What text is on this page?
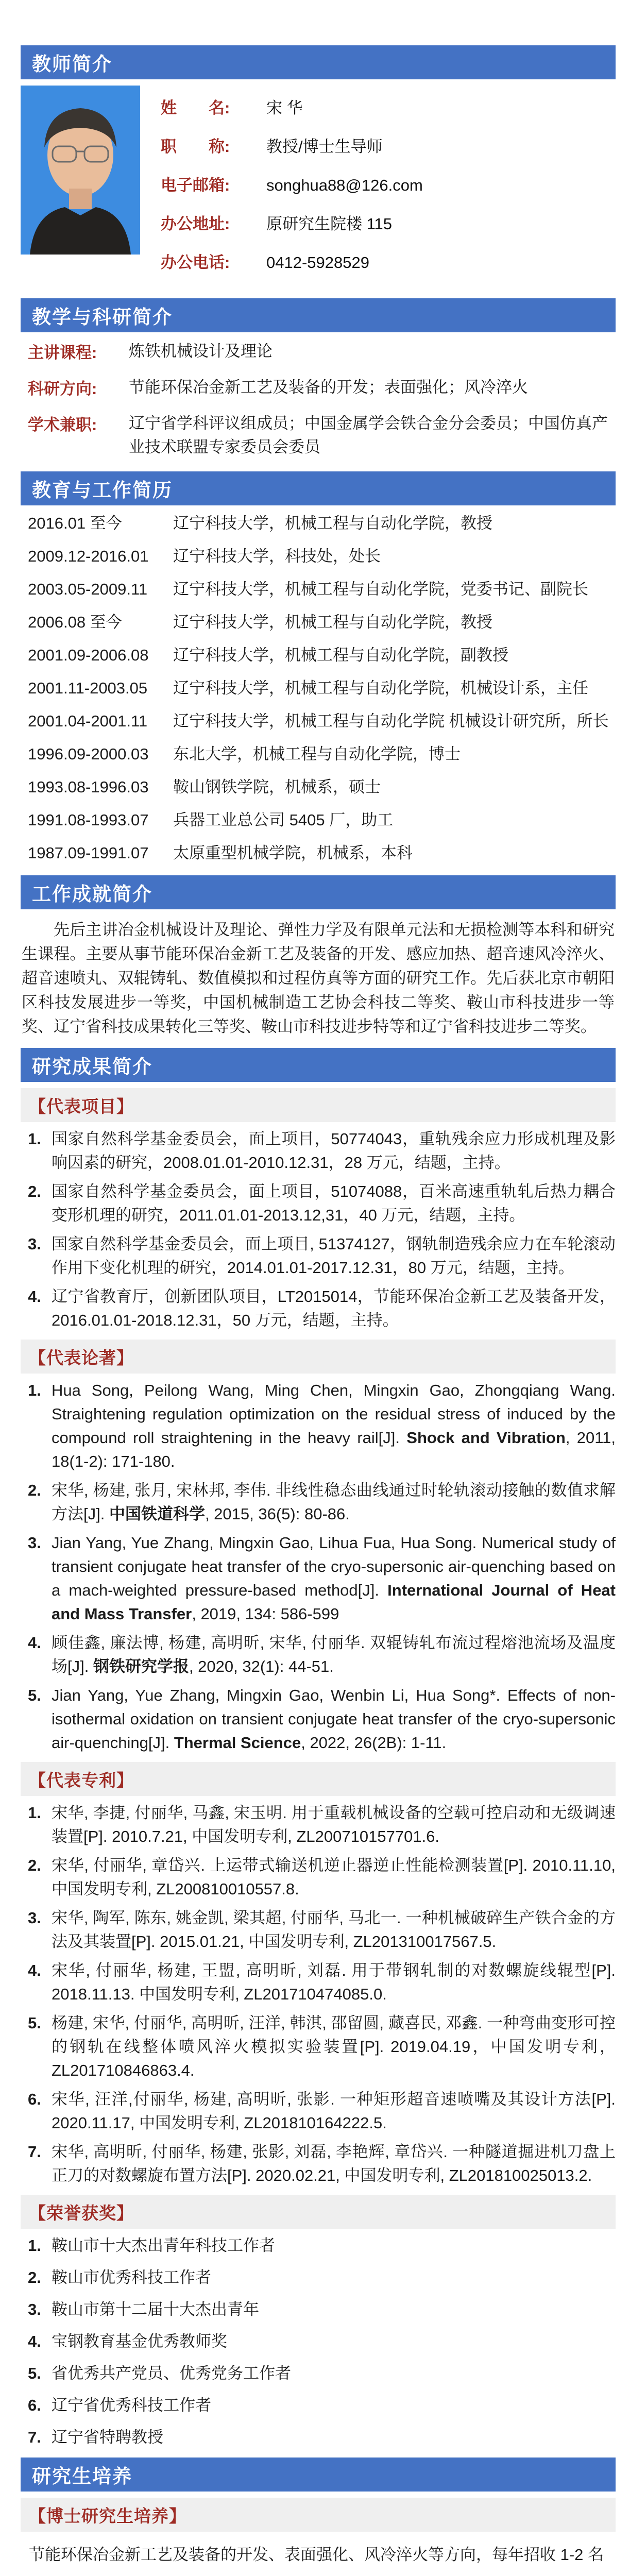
教师简介
姓　　名:	宋 华
职　　称:	教授/博士生导师
电子邮箱:	songhua88@126.com
办公地址:	原研究生院楼 115
办公电话:	0412-5928529
教学与科研简介
主讲课程:	炼铁机械设计及理论
科研方向:	节能环保冶金新工艺及装备的开发；表面强化；风冷淬火
学术兼职:	辽宁省学科评议组成员；中国金属学会铁合金分会委员；中国仿真产业技术联盟专家委员会委员
教育与工作简历
2016.01 至今	辽宁科技大学，机械工程与自动化学院，教授
2009.12-2016.01	辽宁科技大学，科技处，处长
2003.05-2009.11	辽宁科技大学，机械工程与自动化学院，党委书记、副院长
2006.08 至今	辽宁科技大学，机械工程与自动化学院，教授
2001.09-2006.08	辽宁科技大学，机械工程与自动化学院，副教授
2001.11-2003.05	辽宁科技大学，机械工程与自动化学院，机械设计系，主任
2001.04-2001.11	辽宁科技大学，机械工程与自动化学院 机械设计研究所，所长
1996.09-2000.03	东北大学，机械工程与自动化学院，博士
1993.08-1996.03	鞍山钢铁学院，机械系，硕士
1991.08-1993.07	兵器工业总公司 5405 厂，助工
1987.09-1991.07	太原重型机械学院，机械系，本科
工作成就简介

先后主讲冶金机械设计及理论、弹性力学及有限单元法和无损检测等本科和研究生课程。主要从事节能环保冶金新工艺及装备的开发、感应加热、超音速风冷淬火、超音速喷丸、双辊铸轧、数值模拟和过程仿真等方面的研究工作。先后获北京市朝阳区科技发展进步一等奖，中国机械制造工艺协会科技二等奖、鞍山市科技进步一等奖、辽宁省科技成果转化三等奖、鞍山市科技进步特等和辽宁省科技进步二等奖。

研究成果简介
【代表项目】
1. 国家自然科学基金委员会，面上项目，50774043，重轨残余应力形成机理及影响因素的研究，2008.01.01-2010.12.31，28 万元，结题，主持。
2. 国家自然科学基金委员会，面上项目，51074088，百米高速重轨轧后热力耦合变形机理的研究，2011.01.01-2013.12,31，40 万元，结题，主持。
3. 国家自然科学基金委员会，面上项目, 51374127，钢轨制造残余应力在车轮滚动作用下变化机理的研究，2014.01.01-2017.12.31，80 万元，结题，主持。
4. 辽宁省教育厅，创新团队项目，LT2015014，节能环保冶金新工艺及装备开发，2016.01.01-2018.12.31，50 万元，结题，主持。
【代表论著】
1. Hua Song, Peilong Wang, Ming Chen, Mingxin Gao, Zhongqiang Wang. Straightening regulation optimization on the residual stress of induced by the compound roll straightening in the heavy rail[J]. Shock and Vibration, 2011, 18(1-2): 171-180.
2. 宋华, 杨建, 张月, 宋林邦, 李伟. 非线性稳态曲线通过时轮轨滚动接触的数值求解方法[J]. 中国铁道科学, 2015, 36(5): 80-86.
3. Jian Yang, Yue Zhang, Mingxin Gao, Lihua Fua, Hua Song. Numerical study of transient conjugate heat transfer of the cryo-supersonic air-quenching based on a mach-weighted pressure-based method[J]. International Journal of Heat and Mass Transfer, 2019, 134: 586-599
4. 顾佳鑫, 廉法博, 杨建, 高明昕, 宋华, 付丽华. 双辊铸轧布流过程熔池流场及温度场[J]. 钢铁研究学报, 2020, 32(1): 44-51.
5. Jian Yang, Yue Zhang, Mingxin Gao, Wenbin Li, Hua Song*. Effects of non-isothermal oxidation on transient conjugate heat transfer of the cryo-supersonic air-quenching[J]. Thermal Science, 2022, 26(2B): 1-11.
【代表专利】
1. 宋华, 李捷, 付丽华, 马鑫, 宋玉明. 用于重载机械设备的空载可控启动和无级调速装置[P]. 2010.7.21, 中国发明专利, ZL200710157701.6.
2. 宋华, 付丽华, 章岱兴. 上运带式输送机逆止器逆止性能检测装置[P]. 2010.11.10, 中国发明专利, ZL200810010557.8.
3. 宋华, 陶军, 陈东, 姚金凯, 梁其超, 付丽华, 马北一. 一种机械破碎生产铁合金的方法及其装置[P]. 2015.01.21, 中国发明专利, ZL201310017567.5.
4. 宋华, 付丽华, 杨建, 王盟, 高明昕, 刘磊. 用于带钢轧制的对数螺旋线辊型[P]. 2018.11.13. 中国发明专利, ZL201710474085.0.
5. 杨建, 宋华, 付丽华, 高明昕, 汪洋, 韩淇, 邵留圆, 藏喜民, 邓鑫. 一种弯曲变形可控的钢轨在线整体喷风淬火模拟实验装置[P]. 2019.04.19，中国发明专利，ZL201710846863.4.
6. 宋华, 汪洋,付丽华, 杨建, 高明昕, 张影. 一种矩形超音速喷嘴及其设计方法[P]. 2020.11.17, 中国发明专利, ZL201810164222.5.
7. 宋华, 高明昕, 付丽华, 杨建, 张影, 刘磊, 李艳辉, 章岱兴. 一种隧道掘进机刀盘上正刀的对数螺旋布置方法[P]. 2020.02.21, 中国发明专利, ZL201810025013.2.
【荣誉获奖】
1. 鞍山市十大杰出青年科技工作者
2. 鞍山市优秀科技工作者
3. 鞍山市第十二届十大杰出青年
4. 宝钢教育基金优秀教师奖
5. 省优秀共产党员、优秀党务工作者
6. 辽宁省优秀科技工作者
7. 辽宁省特聘教授
研究生培养
【博士研究生培养】

节能环保冶金新工艺及装备的开发、表面强化、风冷淬火等方向，每年招收 1-2 名
